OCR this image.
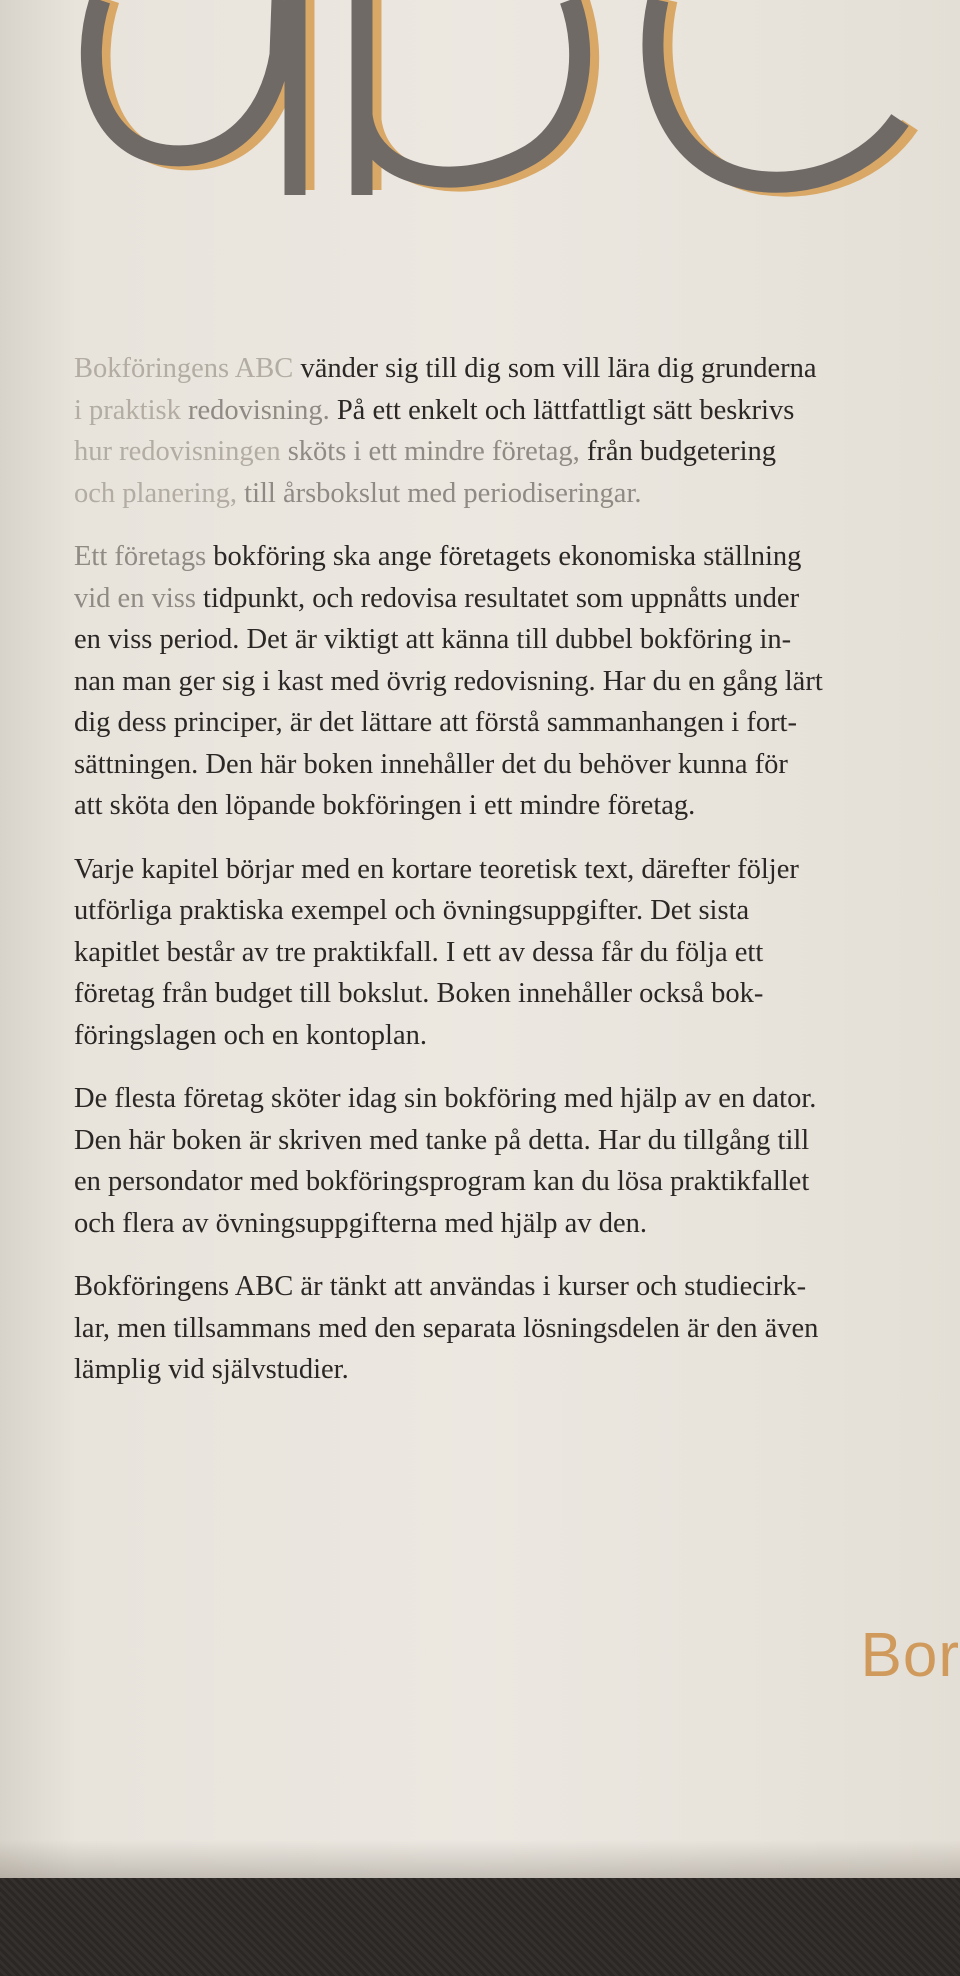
Bokföringens ABC vänder sig till dig som vill lära dig grunderna
i praktisk redovisning. På ett enkelt och lättfattligt sätt beskrivs
hur redovisningen sköts i ett mindre företag, från budgetering
och planering, till årsbokslut med periodiseringar.

Ett företags bokföring ska ange företagets ekonomiska ställning
vid en viss tidpunkt, och redovisa resultatet som uppnåtts under
en viss period. Det är viktigt att känna till dubbel bokföring in-
nan man ger sig i kast med övrig redovisning. Har du en gång lärt
dig dess principer, är det lättare att förstå sammanhangen i fort-
sättningen. Den här boken innehåller det du behöver kunna för
att sköta den löpande bokföringen i ett mindre företag.

Varje kapitel börjar med en kortare teoretisk text, därefter följer
utförliga praktiska exempel och övningsuppgifter. Det sista
kapitlet består av tre praktikfall. I ett av dessa får du följa ett
företag från budget till bokslut. Boken innehåller också bok-
föringslagen och en kontoplan.

De flesta företag sköter idag sin bokföring med hjälp av en dator.
Den här boken är skriven med tanke på detta. Har du tillgång till
en persondator med bokföringsprogram kan du lösa praktikfallet
och flera av övningsuppgifterna med hjälp av den.

Bokföringens ABC är tänkt att användas i kurser och studiecirk-
lar, men tillsammans med den separata lösningsdelen är den även
lämplig vid självstudier.

Bor
